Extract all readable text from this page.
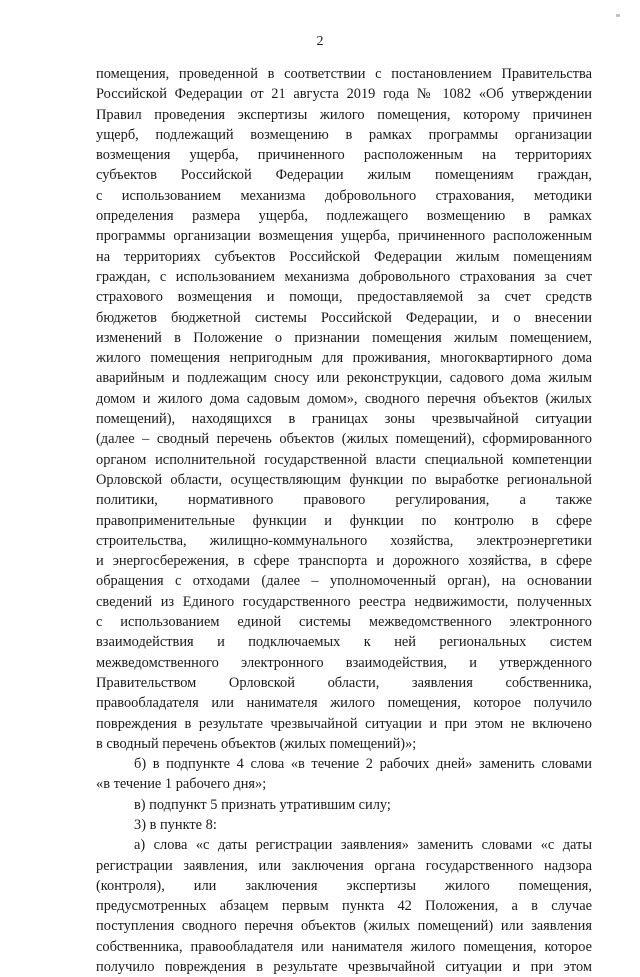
2
помещения, проведенной в соответствии с постановлением Правительства
Российской Федерации от 21 августа 2019 года № 1082 «Об утверждении
Правил проведения экспертизы жилого помещения, которому причинен
ущерб, подлежащий возмещению в рамках программы организации
возмещения ущерба, причиненного расположенным на территориях
субъектов Российской Федерации жилым помещениям граждан,
с использованием механизма добровольного страхования, методики
определения размера ущерба, подлежащего возмещению в рамках
программы организации возмещения ущерба, причиненного расположенным
на территориях субъектов Российской Федерации жилым помещениям
граждан, с использованием механизма добровольного страхования за счет
страхового возмещения и помощи, предоставляемой за счет средств
бюджетов бюджетной системы Российской Федерации, и о внесении
изменений в Положение о признании помещения жилым помещением,
жилого помещения непригодным для проживания, многоквартирного дома
аварийным и подлежащим сносу или реконструкции, садового дома жилым
домом и жилого дома садовым домом», сводного перечня объектов (жилых
помещений), находящихся в границах зоны чрезвычайной ситуации
(далее – сводный перечень объектов (жилых помещений), сформированного
органом исполнительной государственной власти специальной компетенции
Орловской области, осуществляющим функции по выработке региональной
политики, нормативного правового регулирования, а также
правоприменительные функции и функции по контролю в сфере
строительства, жилищно-коммунального хозяйства, электроэнергетики
и энергосбережения, в сфере транспорта и дорожного хозяйства, в сфере
обращения с отходами (далее – уполномоченный орган), на основании
сведений из Единого государственного реестра недвижимости, полученных
с использованием единой системы межведомственного электронного
взаимодействия и подключаемых к ней региональных систем
межведомственного электронного взаимодействия, и утвержденного
Правительством Орловской области, заявления собственника,
правообладателя или нанимателя жилого помещения, которое получило
повреждения в результате чрезвычайной ситуации и при этом не включено
в сводный перечень объектов (жилых помещений)»;
б) в подпункте 4 слова «в течение 2 рабочих дней» заменить словами
«в течение 1 рабочего дня»;
в) подпункт 5 признать утратившим силу;
3) в пункте 8:
а) слова «с даты регистрации заявления» заменить словами «с даты
регистрации заявления, или заключения органа государственного надзора
(контроля), или заключения экспертизы жилого помещения,
предусмотренных абзацем первым пункта 42 Положения, а в случае
поступления сводного перечня объектов (жилых помещений) или заявления
собственника, правообладателя или нанимателя жилого помещения, которое
получило повреждения в результате чрезвычайной ситуации и при этом
